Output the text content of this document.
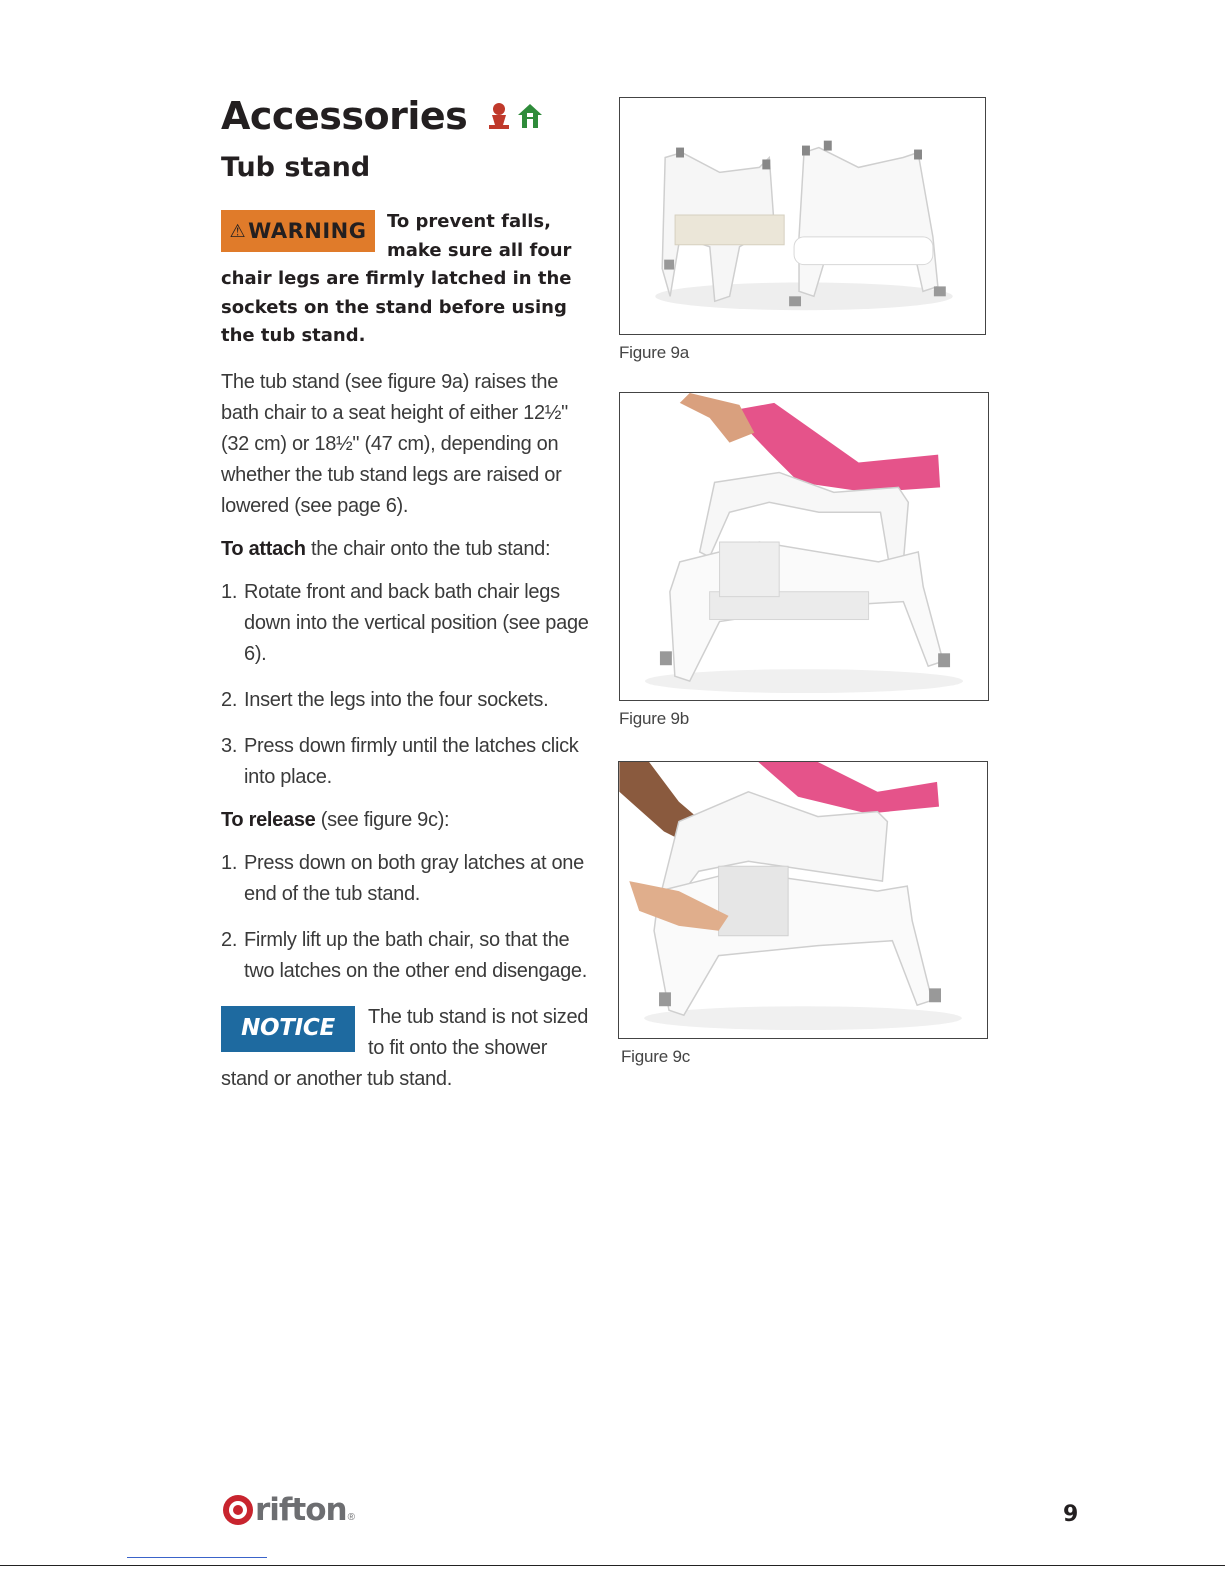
Accessories
Tub stand
⚠ WARNING	To prevent falls, make sure all four chair legs are firmly latched in the sockets on the stand before using the tub stand.

The tub stand (see figure 9a) raises the bath chair to a seat height of either 12½" (32 cm) or 18½" (47 cm), depending on whether the tub stand legs are raised or lowered (see page 6).

To attach the chair onto the tub stand:

1. Rotate front and back bath chair legs down into the vertical position (see page 6).
2. Insert the legs into the four sockets.
3. Press down firmly until the latches click into place.

To release (see figure 9c):

1. Press down on both gray latches at one end of the tub stand.
2. Firmly lift up the bath chair, so that the two latches on the other end disengage.
NOTICE	The tub stand is not sized to fit onto the shower stand or another tub stand.

Figure 9a
Figure 9b
Figure 9c
rifton ®	9
